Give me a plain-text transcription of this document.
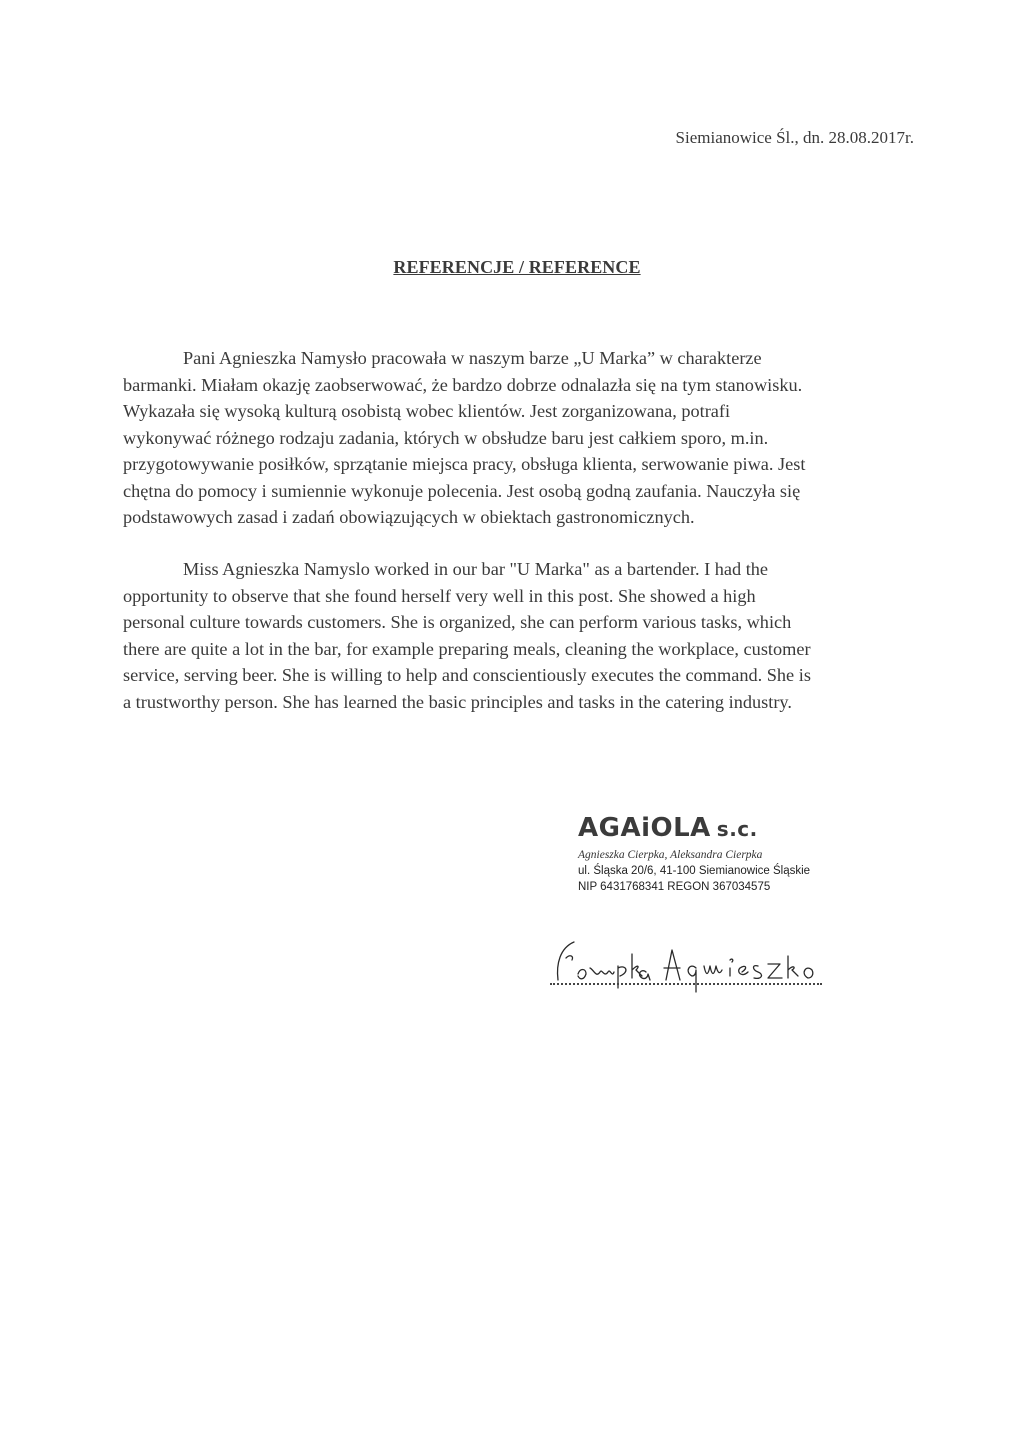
Siemianowice Śl., dn. 28.08.2017r.
REFERENCJE / REFERENCE
Pani Agnieszka Namysło pracowała w naszym barze „U Marka” w charakterze
barmanki. Miałam okazję zaobserwować, że bardzo dobrze odnalazła się na tym stanowisku.
Wykazała się wysoką kulturą osobistą wobec klientów. Jest zorganizowana, potrafi
wykonywać różnego rodzaju zadania, których w obsłudze baru jest całkiem sporo, m.in.
przygotowywanie posiłków, sprzątanie miejsca pracy, obsługa klienta, serwowanie piwa. Jest
chętna do pomocy i sumiennie wykonuje polecenia. Jest osobą godną zaufania. Nauczyła się
podstawowych zasad i zadań obowiązujących w obiektach gastronomicznych.
Miss Agnieszka Namyslo worked in our bar "U Marka" as a bartender. I had the
opportunity to observe that she found herself very well in this post. She showed a high
personal culture towards customers. She is organized, she can perform various tasks, which
there are quite a lot in the bar, for example preparing meals, cleaning the workplace, customer
service, serving beer. She is willing to help and conscientiously executes the command. She is
a trustworthy person. She has learned the basic principles and tasks in the catering industry.
AGAiOLA s.c.
Agnieszka Cierpka, Aleksandra Cierpka
ul. Śląska 20/6, 41-100 Siemianowice Śląskie
NIP 6431768341 REGON 367034575
